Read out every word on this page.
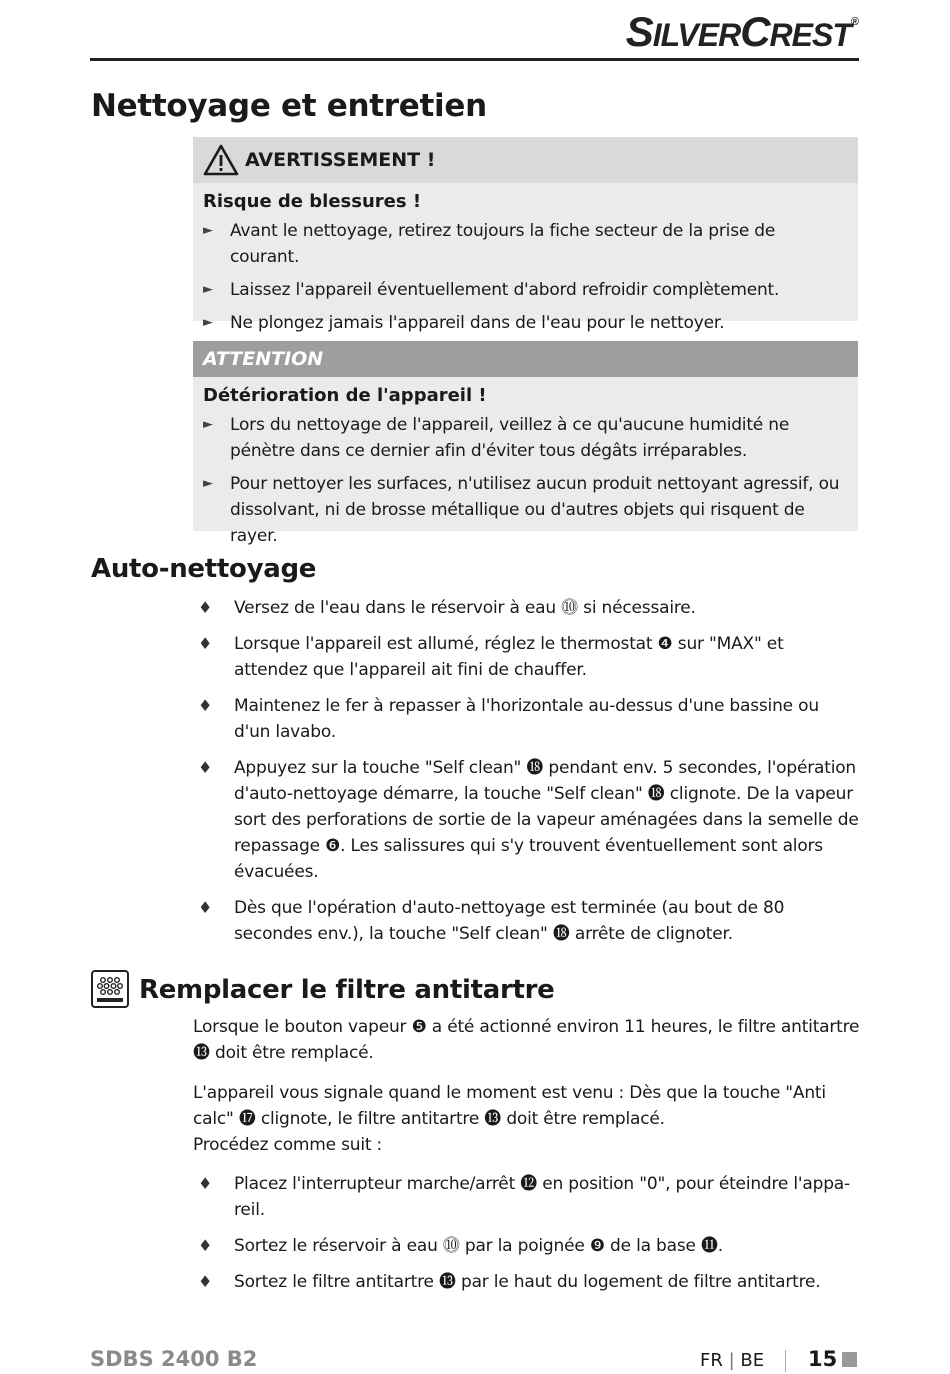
SILVERCREST®
Nettoyage et entretien
AVERTISSEMENT !
Risque de blessures !
►	Avant le nettoyage, retirez toujours la fiche secteur de la prise de courant.
►	Laissez l'appareil éventuellement d'abord refroidir complètement.
►	Ne plongez jamais l'appareil dans de l'eau pour le nettoyer.
ATTENTION
Détérioration de l'appareil !
►	Lors du nettoyage de l'appareil, veillez à ce qu'aucune humidité ne pénètre dans ce dernier afin d'éviter tous dégâts irréparables.
►	Pour nettoyer les surfaces, n'utilisez aucun produit nettoyant agressif, ou dissolvant, ni de brosse métallique ou d'autres objets qui risquent de rayer.
Auto-nettoyage
♦	Versez de l'eau dans le réservoir à eau ⓾ si nécessaire.
♦	Lorsque l'appareil est allumé, réglez le thermostat ❹ sur "MAX" et attendez que l'appareil ait fini de chauffer.
♦	Maintenez le fer à repasser à l'horizontale au-dessus d'une bassine ou d'un lavabo.
♦	Appuyez sur la touche "Self clean" ⓲ pendant env. 5 secondes, l'opération d'auto-nettoyage démarre, la touche "Self clean" ⓲ clignote. De la vapeur sort des perforations de sortie de la vapeur aménagées dans la semelle de repassage ❻. Les salissures qui s'y trouvent éventuellement sont alors évacuées.
♦	Dès que l'opération d'auto-nettoyage est terminée (au bout de 80 secondes env.), la touche "Self clean" ⓲ arrête de clignoter.
Remplacer le filtre antitartre

Lorsque le bouton vapeur ❺ a été actionné environ 11 heures, le filtre antitartre ⓭ doit être remplacé.

L'appareil vous signale quand le moment est venu : Dès que la touche "Anti calc" ⓱ clignote, le filtre antitartre ⓭ doit être remplacé.

Procédez comme suit :

♦	Placez l'interrupteur marche/arrêt ⓬ en position "0", pour éteindre l'appa-reil.
♦	Sortez le réservoir à eau ⓾ par la poignée ❾ de la base ⓫.
♦	Sortez le filtre antitartre ⓭ par le haut du logement de filtre antitartre.
SDBS 2400 B2	FR | BE 15
